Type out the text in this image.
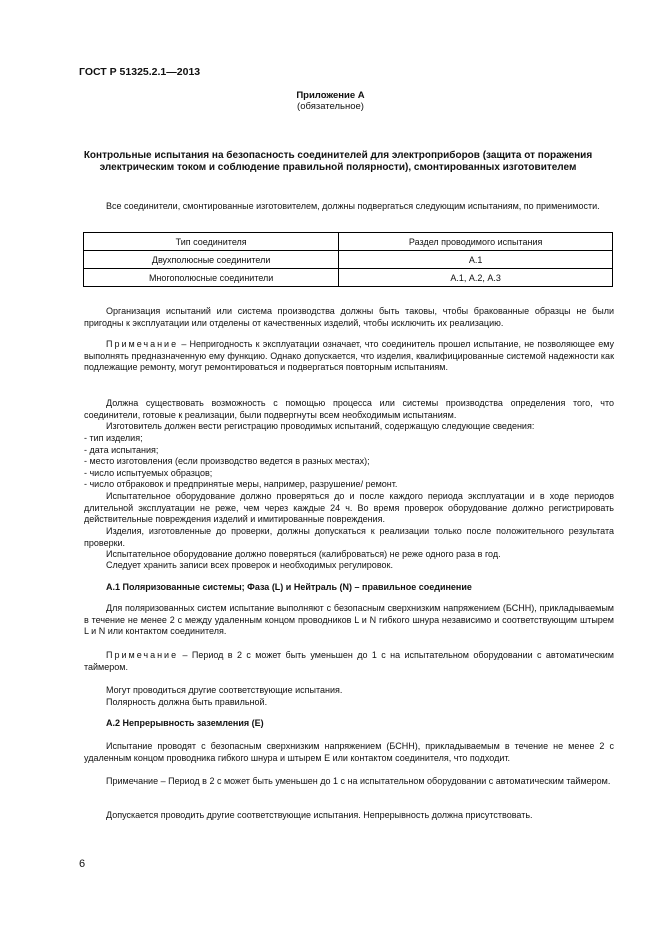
ГОСТ Р 51325.2.1—2013
Приложение А
(обязательное)
Контрольные испытания на безопасность соединителей для электроприборов (защита от поражения электрическим током и соблюдение правильной полярности), смонтированных изготовителем
Все соединители, смонтированные изготовителем, должны подвергаться следующим испытаниям, по применимости.
Тип соединителя	Раздел проводимого испытания
Двухполюсные соединители	А.1
Многополюсные соединители	А.1, А.2, А.3
Организация испытаний или система производства должны быть таковы, чтобы бракованные образцы не были пригодны к эксплуатации или отделены от качественных изделий, чтобы исключить их реализацию.
Примечание – Непригодность к эксплуатации означает, что соединитель прошел испытание, не позволяющее ему выполнять предназначенную ему функцию. Однако допускается, что изделия, квалифицированные системой надежности как подлежащие ремонту, могут ремонтироваться и подвергаться повторным испытаниям.
Должна существовать возможность с помощью процесса или системы производства определения того, что соединители, готовые к реализации, были подвергнуты всем необходимым испытаниям.
Изготовитель должен вести регистрацию проводимых испытаний, содержащую следующие сведения:
- тип изделия;
- дата испытания;
- место изготовления (если производство ведется в разных местах);
- число испытуемых образцов;
- число отбраковок и предпринятые меры, например, разрушение/ ремонт.
Испытательное оборудование должно проверяться до и после каждого периода эксплуатации и в ходе периодов длительной эксплуатации не реже, чем через каждые 24 ч. Во время проверок оборудование должно регистрировать действительные повреждения изделий и имитированные повреждения.
Изделия, изготовленные до проверки, должны допускаться к реализации только после положительного результата проверки.
Испытательное оборудование должно поверяться (калиброваться) не реже одного раза в год.
Следует хранить записи всех проверок и необходимых регулировок.
А.1 Поляризованные системы; Фаза (L) и Нейтраль (N) – правильное соединение
Для поляризованных систем испытание выполняют с безопасным сверхнизким напряжением (БСНН), прикладываемым в течение не менее 2 с между удаленным концом проводников L и N гибкого шнура независимо и соответствующим штырем L и N или контактом соединителя.
Примечание – Период в 2 с может быть уменьшен до 1 с на испытательном оборудовании с автоматическим таймером.
Могут проводиться другие соответствующие испытания.
Полярность должна быть правильной.
А.2 Непрерывность заземления (Е)
Испытание проводят с безопасным сверхнизким напряжением (БСНН), прикладываемым в течение не менее 2 с удаленным концом проводника гибкого шнура и штырем Е или контактом соединителя, что подходит.
Примечание – Период в 2 с может быть уменьшен до 1 с на испытательном оборудовании с автоматическим таймером.
Допускается проводить другие соответствующие испытания. Непрерывность должна присутствовать.
6
